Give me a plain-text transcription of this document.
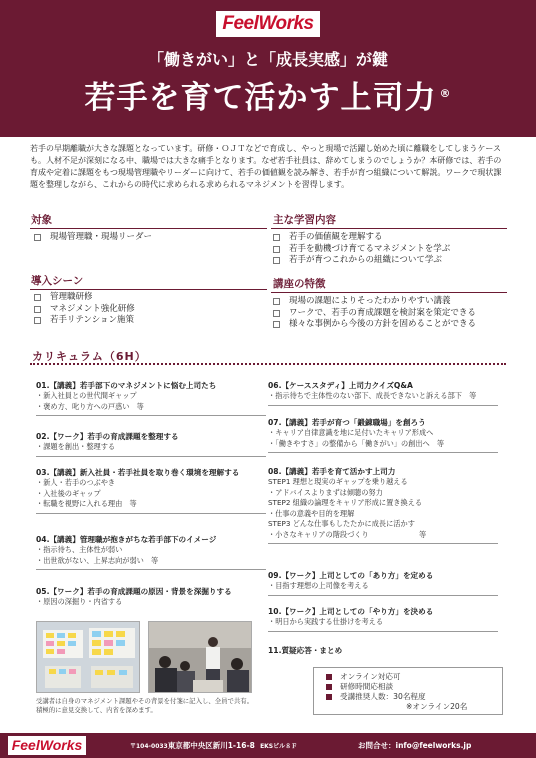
FeelWorks
「働きがい」と「成長実感」が鍵
若手を育て活かす上司力 ®

若手の早期離職が大きな課題となっています。研修・ＯＪＴなどで育成し、やっと現場で活躍し始めた頃に離職をしてしまうケースも。人材不足が深刻になる中、職場では大きな痛手となります。なぜ若手社員は、辞めてしまうのでしょうか？本研修では、若手の育成や定着に課題をもつ現場管理職やリーダーに向けて、若手の価値観を読み解き、若手が育つ組織について解説。ワークで現状課題を整理しながら、これからの時代に求められる求められるマネジメントを習得します。

対象
現場管理職・現場リーダー
導入シーン
管理職研修
マネジメント強化研修
若手リテンション施策
主な学習内容
若手の価値観を理解する
若手を動機づけ育てるマネジメントを学ぶ
若手が育つこれからの組織について学ぶ
講座の特徴
現場の課題によりそったわかりやすい講義
ワークで、若手の育成課題を検討案を策定できる
様々な事例から今後の方針を固めることができる
カリキュラム（6H）
01.【講義】若手部下のマネジメントに悩む上司たち
・新入社員との世代間ギャップ
・褒め方、叱り方への戸惑い　等
02.【ワーク】若手の育成課題を整理する
・課題を創出・整理する
03.【講義】新入社員・若手社員を取り巻く環境を理解する
・新人・若手のつぶやき
・入社後のギャップ
・転職を視野に入れる理由　等
04.【講義】管理職が抱きがちな若手部下のイメージ
・指示待ち、主体性が弱い
・出世欲がない、上昇志向が弱い　等
05.【ワーク】若手の育成課題の原因・背景を深掘りする
・原因の深掘り・内省する
受講者は自身のマネジメント課題やその背景を付箋に記入し、全員で共有。積極的に意見交換して、内省を深めます。
06.【ケーススタディ】上司力クイズQ&A
・指示待ちで主体性のない部下、成長できないと訴える部下　等
07.【講義】若手が育つ「鍛錬職場」を創ろう
・キャリア自律意識を地に足付いたキャリア形成へ
・「働きやすさ」の整備から「働きがい」の創出へ　等
08.【講義】若手を育て活かす上司力
STEP1 理想と現実のギャップを乗り越える
・アドバイスよりまずは傾聴の努力
STEP2 組織の論理をキャリア形成に置き換える
・仕事の意義や目的を理解
STEP3 どんな仕事もしたたかに成長に活かす
・小さなキャリアの階段づくり　　　　　　　等
09.【ワーク】上司としての「あり方」を定める
・目指す理想の上司像を考える
10.【ワーク】上司としての「やり方」を決める
・明日から実践する仕掛けを考える
11.質疑応答・まとめ
オンライン対応可
研修時間応相談
受講推奨人数：30名程度
※オンライン20名
FeelWorks	〒104-0033東京都中央区新川1-16-8 EKSビル８Ｆ	お問合せ：info@feelworks.jp
